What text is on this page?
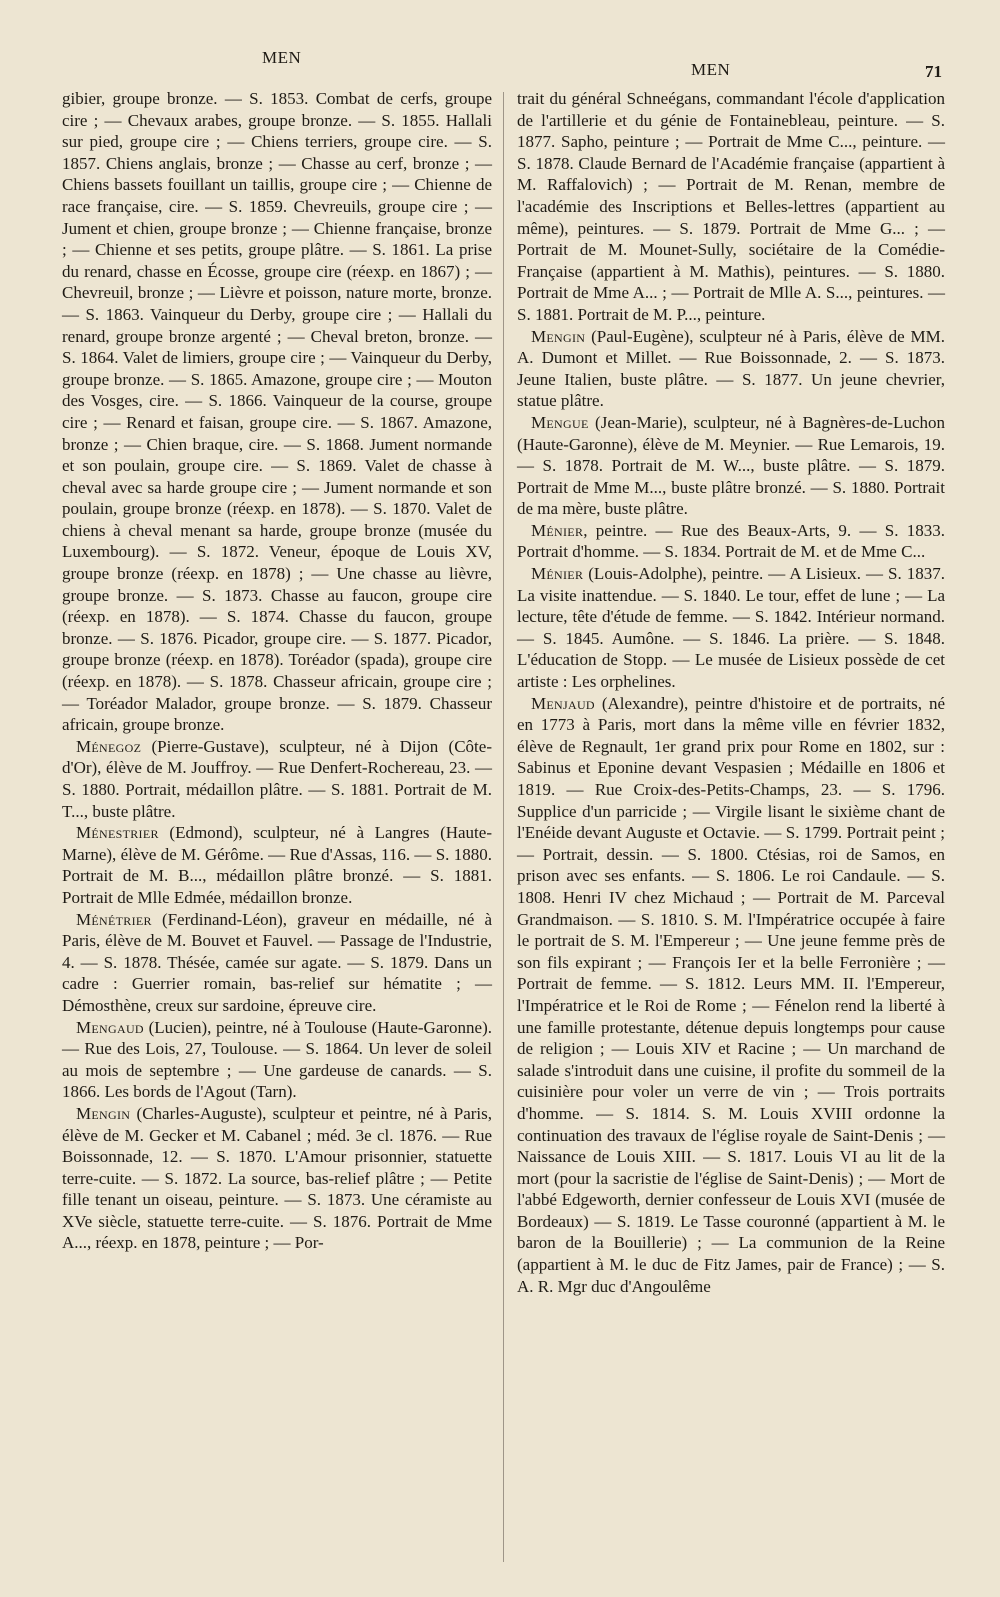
MEN
MEN	71

gibier, groupe bronze. — S. 1853. Combat de cerfs, groupe cire ; — Chevaux arabes, groupe bronze. — S. 1855. Hallali sur pied, groupe cire ; — Chiens terriers, groupe cire. — S. 1857. Chiens anglais, bronze ; — Chasse au cerf, bronze ; — Chiens bassets fouillant un taillis, groupe cire ; — Chienne de race française, cire. — S. 1859. Chevreuils, groupe cire ; — Jument et chien, groupe bronze ; — Chienne française, bronze ; — Chienne et ses petits, groupe plâtre. — S. 1861. La prise du renard, chasse en Écosse, groupe cire (réexp. en 1867) ; — Chevreuil, bronze ; — Lièvre et poisson, nature morte, bronze. — S. 1863. Vainqueur du Derby, groupe cire ; — Hallali du renard, groupe bronze argenté ; — Cheval breton, bronze. — S. 1864. Valet de limiers, groupe cire ; — Vainqueur du Derby, groupe bronze. — S. 1865. Amazone, groupe cire ; — Mouton des Vosges, cire. — S. 1866. Vainqueur de la course, groupe cire ; — Renard et faisan, groupe cire. — S. 1867. Amazone, bronze ; — Chien braque, cire. — S. 1868. Jument normande et son poulain, groupe cire. — S. 1869. Valet de chasse à cheval avec sa harde groupe cire ; — Jument normande et son poulain, groupe bronze (réexp. en 1878). — S. 1870. Valet de chiens à cheval menant sa harde, groupe bronze (musée du Luxembourg). — S. 1872. Veneur, époque de Louis XV, groupe bronze (réexp. en 1878) ; — Une chasse au lièvre, groupe bronze. — S. 1873. Chasse au faucon, groupe cire (réexp. en 1878). — S. 1874. Chasse du faucon, groupe bronze. — S. 1876. Picador, groupe cire. — S. 1877. Picador, groupe bronze (réexp. en 1878). Toréador (spada), groupe cire (réexp. en 1878). — S. 1878. Chasseur africain, groupe cire ; — Toréador Malador, groupe bronze. — S. 1879. Chasseur africain, groupe bronze.

Ménegoz (Pierre-Gustave), sculpteur, né à Dijon (Côte-d'Or), élève de M. Jouffroy. — Rue Denfert-Rochereau, 23. — S. 1880. Portrait, médaillon plâtre. — S. 1881. Portrait de M. T..., buste plâtre.

Ménestrier (Edmond), sculpteur, né à Langres (Haute-Marne), élève de M. Gérôme. — Rue d'Assas, 116. — S. 1880. Portrait de M. B..., médaillon plâtre bronzé. — S. 1881. Portrait de Mlle Edmée, médaillon bronze.

Ménétrier (Ferdinand-Léon), graveur en médaille, né à Paris, élève de M. Bouvet et Fauvel. — Passage de l'Industrie, 4. — S. 1878. Thésée, camée sur agate. — S. 1879. Dans un cadre : Guerrier romain, bas-relief sur hématite ; — Démosthène, creux sur sardoine, épreuve cire.

Mengaud (Lucien), peintre, né à Toulouse (Haute-Garonne). — Rue des Lois, 27, Toulouse. — S. 1864. Un lever de soleil au mois de septembre ; — Une gardeuse de canards. — S. 1866. Les bords de l'Agout (Tarn).

Mengin (Charles-Auguste), sculpteur et peintre, né à Paris, élève de M. Gecker et M. Cabanel ; méd. 3e cl. 1876. — Rue Boissonnade, 12. — S. 1870. L'Amour prisonnier, statuette terre-cuite. — S. 1872. La source, bas-relief plâtre ; — Petite fille tenant un oiseau, peinture. — S. 1873. Une céramiste au XVe siècle, statuette terre-cuite. — S. 1876. Portrait de Mme A..., réexp. en 1878, peinture ; — Por-

trait du général Schneégans, commandant l'école d'application de l'artillerie et du génie de Fontainebleau, peinture. — S. 1877. Sapho, peinture ; — Portrait de Mme C..., peinture. — S. 1878. Claude Bernard de l'Académie française (appartient à M. Raffalovich) ; — Portrait de M. Renan, membre de l'académie des Inscriptions et Belles-lettres (appartient au même), peintures. — S. 1879. Portrait de Mme G... ; — Portrait de M. Mounet-Sully, sociétaire de la Comédie-Française (appartient à M. Mathis), peintures. — S. 1880. Portrait de Mme A... ; — Portrait de Mlle A. S..., peintures. — S. 1881. Portrait de M. P..., peinture.

Mengin (Paul-Eugène), sculpteur né à Paris, élève de MM. A. Dumont et Millet. — Rue Boissonnade, 2. — S. 1873. Jeune Italien, buste plâtre. — S. 1877. Un jeune chevrier, statue plâtre.

Mengue (Jean-Marie), sculpteur, né à Bagnères-de-Luchon (Haute-Garonne), élève de M. Meynier. — Rue Lemarois, 19. — S. 1878. Portrait de M. W..., buste plâtre. — S. 1879. Portrait de Mme M..., buste plâtre bronzé. — S. 1880. Portrait de ma mère, buste plâtre.

Ménier, peintre. — Rue des Beaux-Arts, 9. — S. 1833. Portrait d'homme. — S. 1834. Portrait de M. et de Mme C...

Ménier (Louis-Adolphe), peintre. — A Lisieux. — S. 1837. La visite inattendue. — S. 1840. Le tour, effet de lune ; — La lecture, tête d'étude de femme. — S. 1842. Intérieur normand. — S. 1845. Aumône. — S. 1846. La prière. — S. 1848. L'éducation de Stopp. — Le musée de Lisieux possède de cet artiste : Les orphelines.

Menjaud (Alexandre), peintre d'histoire et de portraits, né en 1773 à Paris, mort dans la même ville en février 1832, élève de Regnault, 1er grand prix pour Rome en 1802, sur : Sabinus et Eponine devant Vespasien ; Médaille en 1806 et 1819. — Rue Croix-des-Petits-Champs, 23. — S. 1796. Supplice d'un parricide ; — Virgile lisant le sixième chant de l'Enéide devant Auguste et Octavie. — S. 1799. Portrait peint ; — Portrait, dessin. — S. 1800. Ctésias, roi de Samos, en prison avec ses enfants. — S. 1806. Le roi Candaule. — S. 1808. Henri IV chez Michaud ; — Portrait de M. Parceval Grandmaison. — S. 1810. S. M. l'Impératrice occupée à faire le portrait de S. M. l'Empereur ; — Une jeune femme près de son fils expirant ; — François Ier et la belle Ferronière ; — Portrait de femme. — S. 1812. Leurs MM. II. l'Empereur, l'Impératrice et le Roi de Rome ; — Fénelon rend la liberté à une famille protestante, détenue depuis longtemps pour cause de religion ; — Louis XIV et Racine ; — Un marchand de salade s'introduit dans une cuisine, il profite du sommeil de la cuisinière pour voler un verre de vin ; — Trois portraits d'homme. — S. 1814. S. M. Louis XVIII ordonne la continuation des travaux de l'église royale de Saint-Denis ; — Naissance de Louis XIII. — S. 1817. Louis VI au lit de la mort (pour la sacristie de l'église de Saint-Denis) ; — Mort de l'abbé Edgeworth, dernier confesseur de Louis XVI (musée de Bordeaux) — S. 1819. Le Tasse couronné (appartient à M. le baron de la Bouillerie) ; — La communion de la Reine (appartient à M. le duc de Fitz James, pair de France) ; — S. A. R. Mgr duc d'Angoulême
